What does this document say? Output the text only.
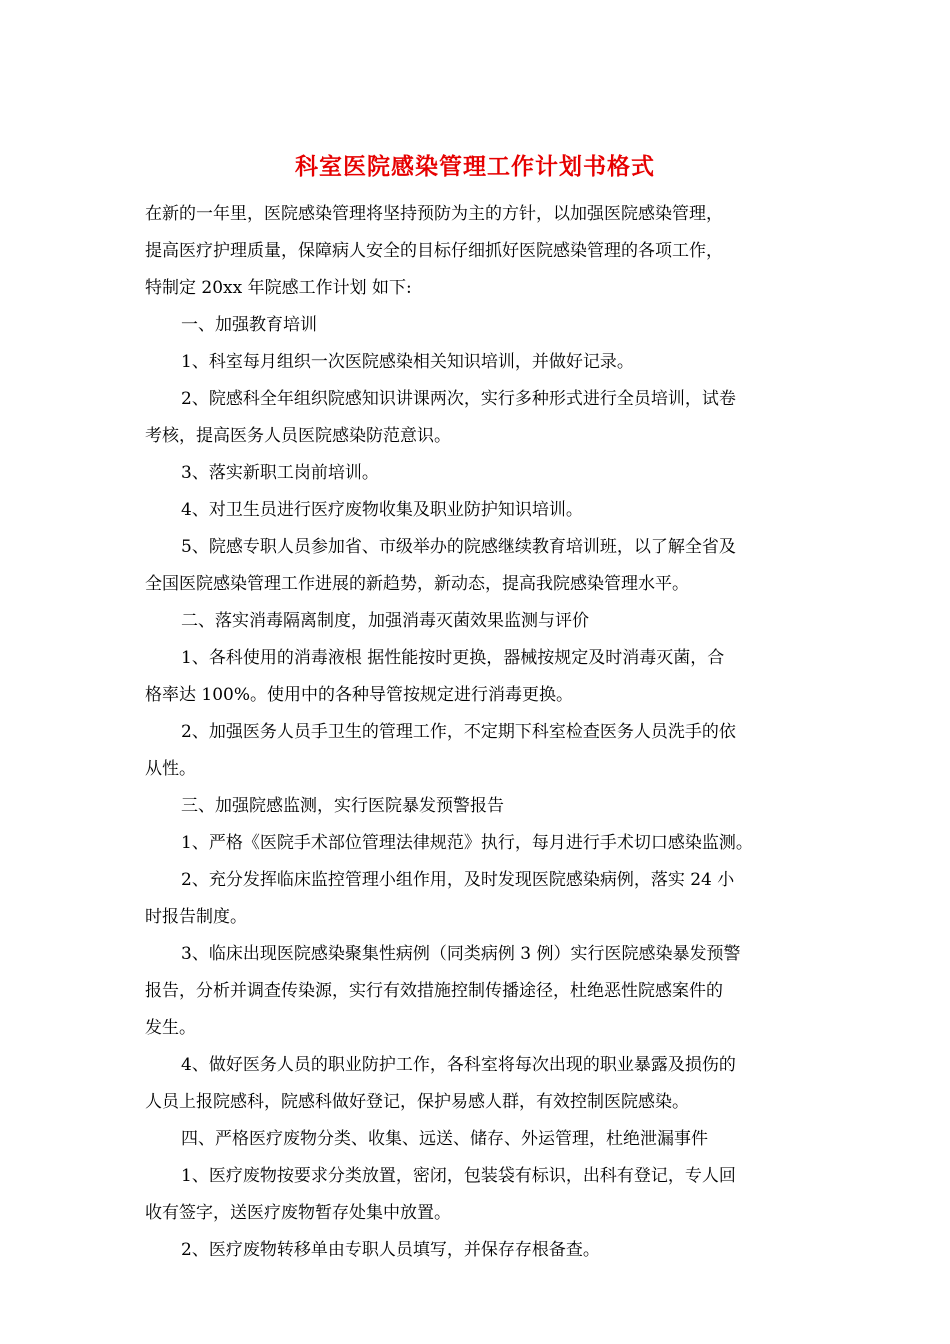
科室医院感染管理工作计划书格式
在新的一年里，医院感染管理将坚持预防为主的方针，以加强医院感染管理，
提高医疗护理质量，保障病人安全的目标仔细抓好医院感染管理的各项工作，
特制定 20xx 年院感工作计划 如下:
一、加强教育培训
1、科室每月组织一次医院感染相关知识培训，并做好记录。
2、院感科全年组织院感知识讲课两次，实行多种形式进行全员培训，试卷
考核，提高医务人员医院感染防范意识。
3、落实新职工岗前培训。
4、对卫生员进行医疗废物收集及职业防护知识培训。
5、院感专职人员参加省、市级举办的院感继续教育培训班，以了解全省及
全国医院感染管理工作进展的新趋势，新动态，提高我院感染管理水平。
二、落实消毒隔离制度，加强消毒灭菌效果监测与评价
1、各科使用的消毒液根 据性能按时更换，器械按规定及时消毒灭菌，合
格率达 100%。使用中的各种导管按规定进行消毒更换。
2、加强医务人员手卫生的管理工作，不定期下科室检查医务人员洗手的依
从性。
三、加强院感监测，实行医院暴发预警报告
1、严格《医院手术部位管理法律规范》执行，每月进行手术切口感染监测。
2、充分发挥临床监控管理小组作用，及时发现医院感染病例，落实 24 小
时报告制度。
3、临床出现医院感染聚集性病例（同类病例 3 例）实行医院感染暴发预警
报告，分析并调查传染源，实行有效措施控制传播途径，杜绝恶性院感案件的
发生。
4、做好医务人员的职业防护工作，各科室将每次出现的职业暴露及损伤的
人员上报院感科，院感科做好登记，保护易感人群，有效控制医院感染。
四、严格医疗废物分类、收集、远送、储存、外运管理，杜绝泄漏事件
1、医疗废物按要求分类放置，密闭，包装袋有标识，出科有登记，专人回
收有签字，送医疗废物暂存处集中放置。
2、医疗废物转移单由专职人员填写，并保存存根备查。
